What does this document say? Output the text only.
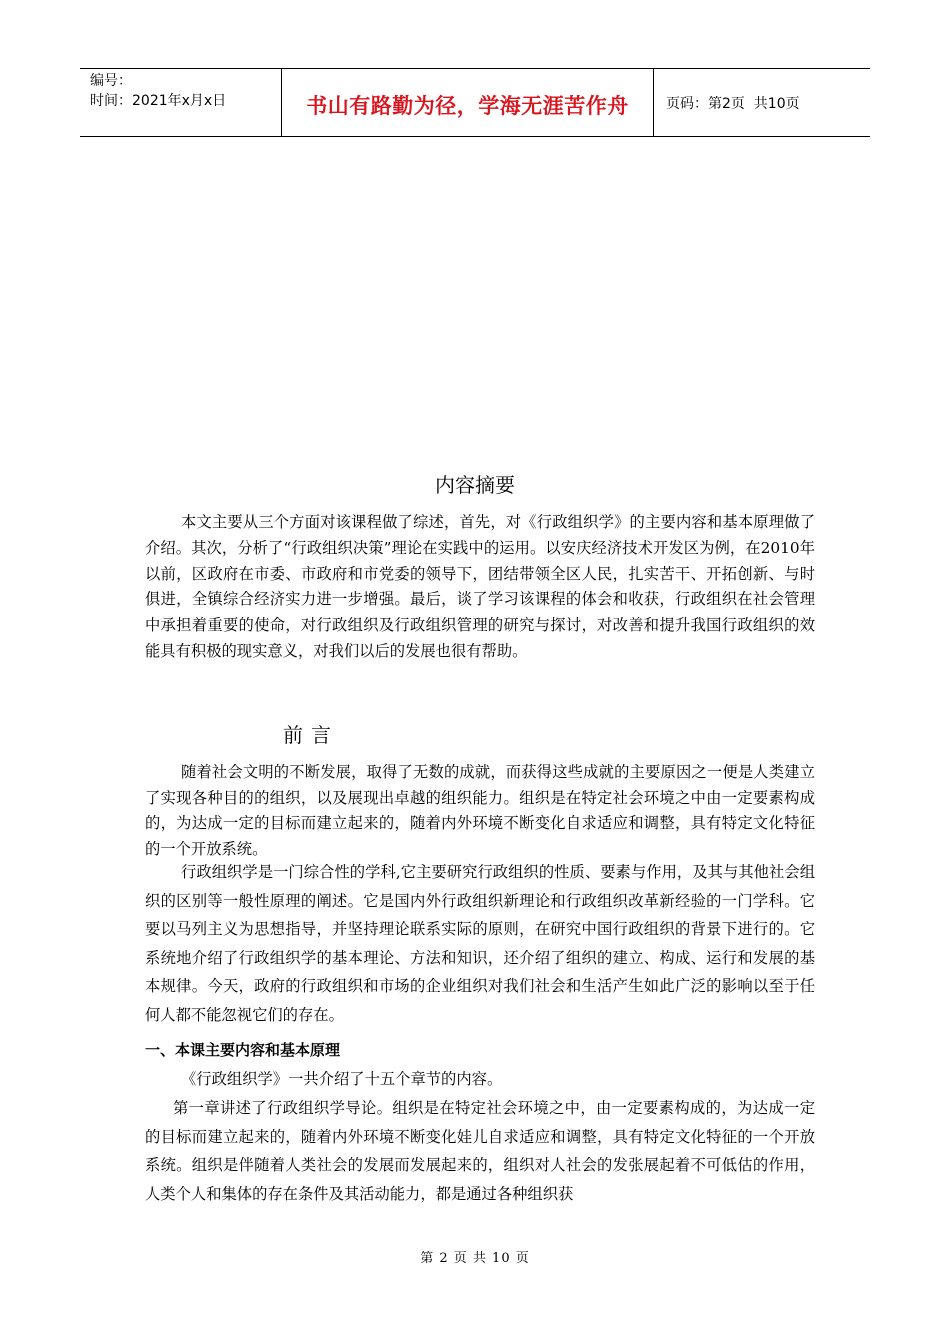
编号：
时间：2021年x月x日	书山有路勤为径，学海无涯苦作舟	页码：第2页  共10页
内容摘要

本文主要从三个方面对该课程做了综述，首先，对《行政组织学》的主要内容和基本原理做了介绍。其次，分析了“行政组织决策”理论在实践中的运用。以安庆经济技术开发区为例，在2010年以前，区政府在市委、市政府和市党委的领导下，团结带领全区人民，扎实苦干、开拓创新、与时俱进，全镇综合经济实力进一步增强。最后，谈了学习该课程的体会和收获，行政组织在社会管理中承担着重要的使命，对行政组织及行政组织管理的研究与探讨，对改善和提升我国行政组织的效能具有积极的现实意义，对我们以后的发展也很有帮助。

前言

随着社会文明的不断发展，取得了无数的成就，而获得这些成就的主要原因之一便是人类建立了实现各种目的的组织，以及展现出卓越的组织能力。组织是在特定社会环境之中由一定要素构成的，为达成一定的目标而建立起来的，随着内外环境不断变化自求适应和调整，具有特定文化特征的一个开放系统。

行政组织学是一门综合性的学科,它主要研究行政组织的性质、要素与作用，及其与其他社会组织的区别等一般性原理的阐述。它是国内外行政组织新理论和行政组织改革新经验的一门学科。它要以马列主义为思想指导，并坚持理论联系实际的原则，在研究中国行政组织的背景下进行的。它系统地介绍了行政组织学的基本理论、方法和知识，还介绍了组织的建立、构成、运行和发展的基本规律。今天，政府的行政组织和市场的企业组织对我们社会和生活产生如此广泛的影响以至于任何人都不能忽视它们的存在。

一、本课主要内容和基本原理

《行政组织学》一共介绍了十五个章节的内容。

第一章讲述了行政组织学导论。组织是在特定社会环境之中，由一定要素构成的，为达成一定的目标而建立起来的，随着内外环境不断变化娃儿自求适应和调整，具有特定文化特征的一个开放系统。组织是伴随着人类社会的发展而发展起来的，组织对人社会的发张展起着不可低估的作用，人类个人和集体的存在条件及其活动能力，都是通过各种组织获

第 2 页 共 10 页
